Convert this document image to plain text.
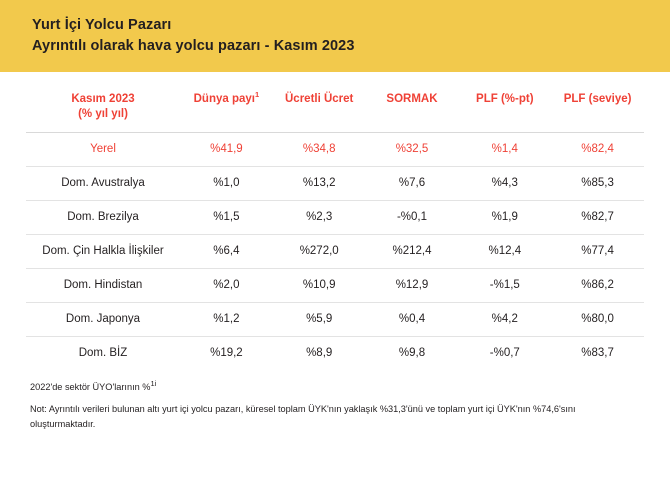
Yurt İçi Yolcu Pazarı
Ayrıntılı olarak hava yolcu pazarı - Kasım 2023
Kasım 2023
(% yıl yıl)	Dünya payı$^1$	Ücretli Ücret	SORMAK	PLF (%-pt)	PLF (seviye)
Yerel	%41,9	%34,8	%32,5	%1,4	%82,4
Dom. Avustralya	%1,0	%13,2	%7,6	%4,3	%85,3
Dom. Brezilya	%1,5	%2,3	-%0,1	%1,9	%82,7
Dom. Çin Halkla İlişkiler	%6,4	%272,0	%212,4	%12,4	%77,4
Dom. Hindistan	%2,0	%10,9	%12,9	-%1,5	%86,2
Dom. Japonya	%1,2	%5,9	%0,4	%4,2	%80,0
Dom. BİZ	%19,2	%8,9	%9,8	-%0,7	%83,7
2022'de sektör ÜYO'larının %$^{1i}$
Not: Ayrıntılı verileri bulunan altı yurt içi yolcu pazarı, küresel toplam ÜYK'nın yaklaşık %31,3'ünü ve toplam yurt içi ÜYK'nın %74,6'sını oluşturmaktadır.
